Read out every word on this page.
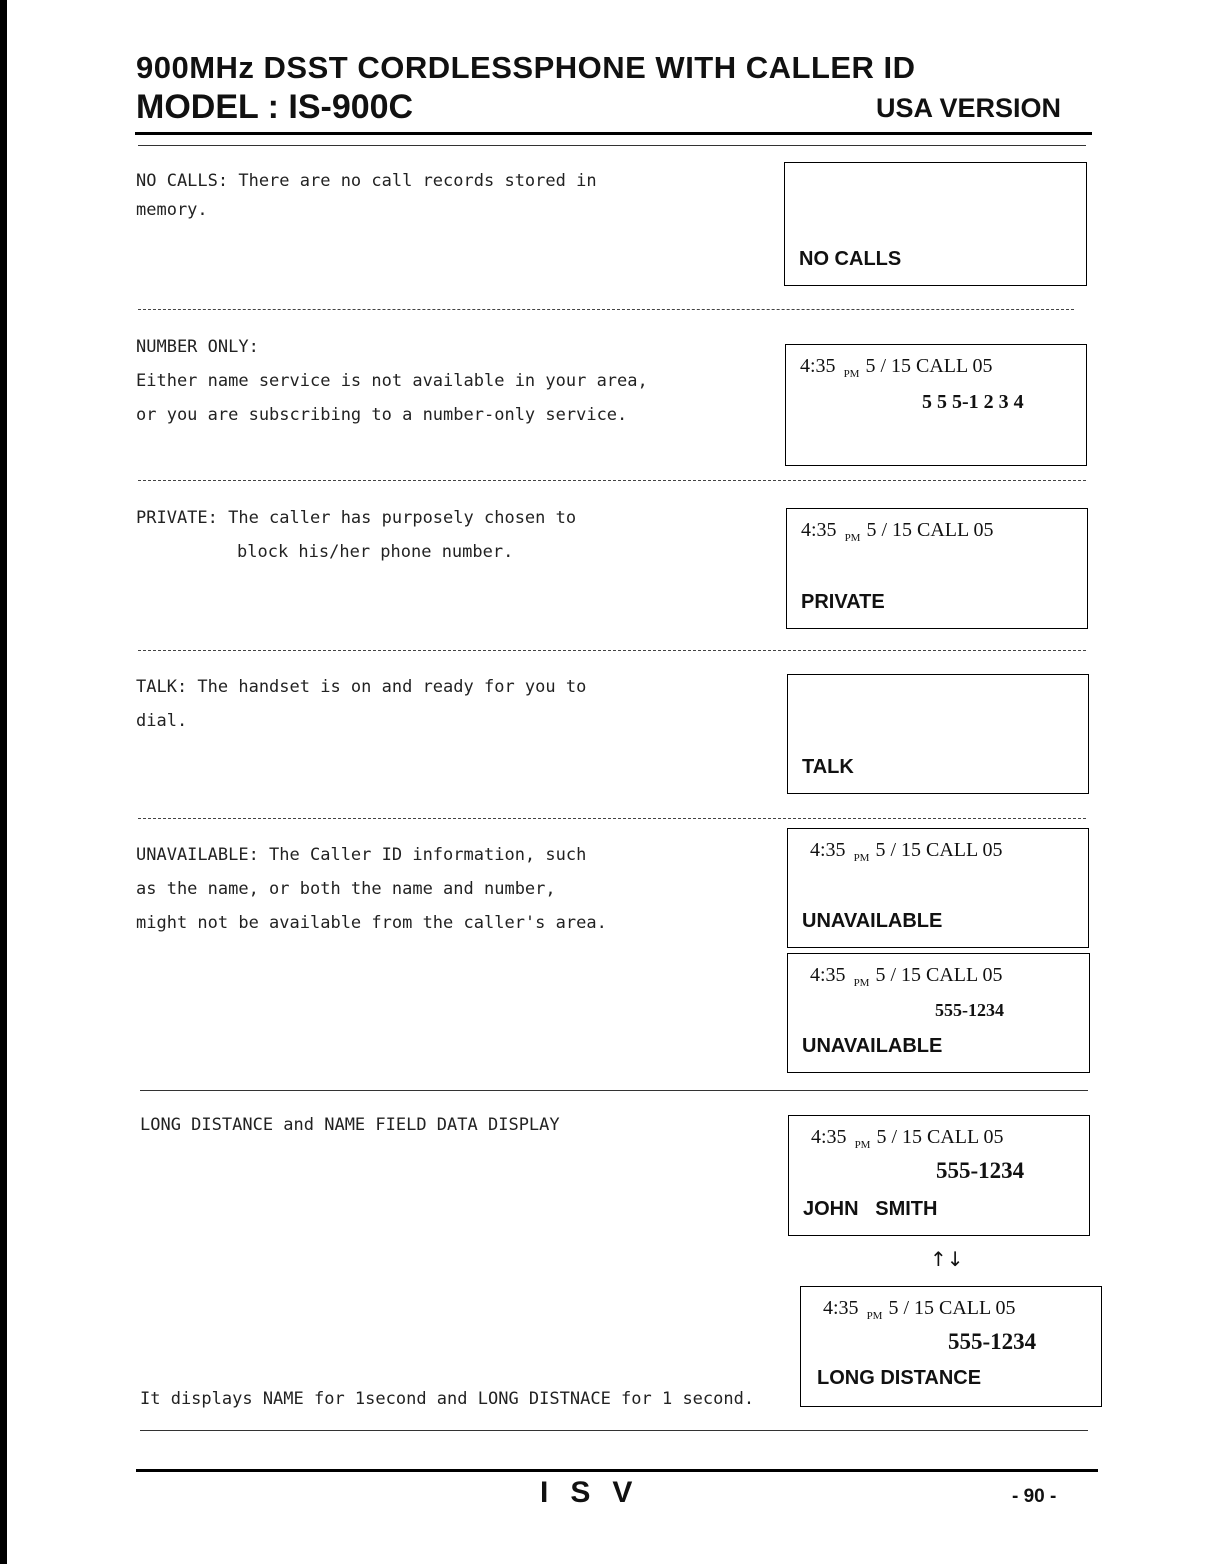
900MHz DSST CORDLESSPHONE WITH CALLER ID
MODEL : IS-900C	USA VERSION
NO CALLS: There are no call records stored in
memory.
NO CALLS
NUMBER ONLY:
Either name service is not available in your area,
or you are subscribing to a number-only service.
4:35 $_{PM}$ 5 / 15 CALL 05
5 5 5-1 2 3 4
PRIVATE: The caller has purposely chosen to
block his/her phone number.
4:35 $_{PM}$ 5 / 15 CALL 05
PRIVATE
TALK: The handset is on and ready for you to
dial.
TALK
UNAVAILABLE: The Caller ID information, such
as the name, or both the name and number,
might not be available from the caller's area.
4:35 $_{PM}$ 5 / 15 CALL 05
UNAVAILABLE
4:35 $_{PM}$ 5 / 15 CALL 05
555-1234
UNAVAILABLE
LONG DISTANCE and NAME FIELD DATA DISPLAY
4:35 $_{PM}$ 5 / 15 CALL 05
555-1234
JOHN   SMITH
↑↓
4:35 $_{PM}$ 5 / 15 CALL 05
555-1234
LONG DISTANCE
It displays NAME for 1second and LONG DISTNACE for 1 second.
ISV	- 90 -
